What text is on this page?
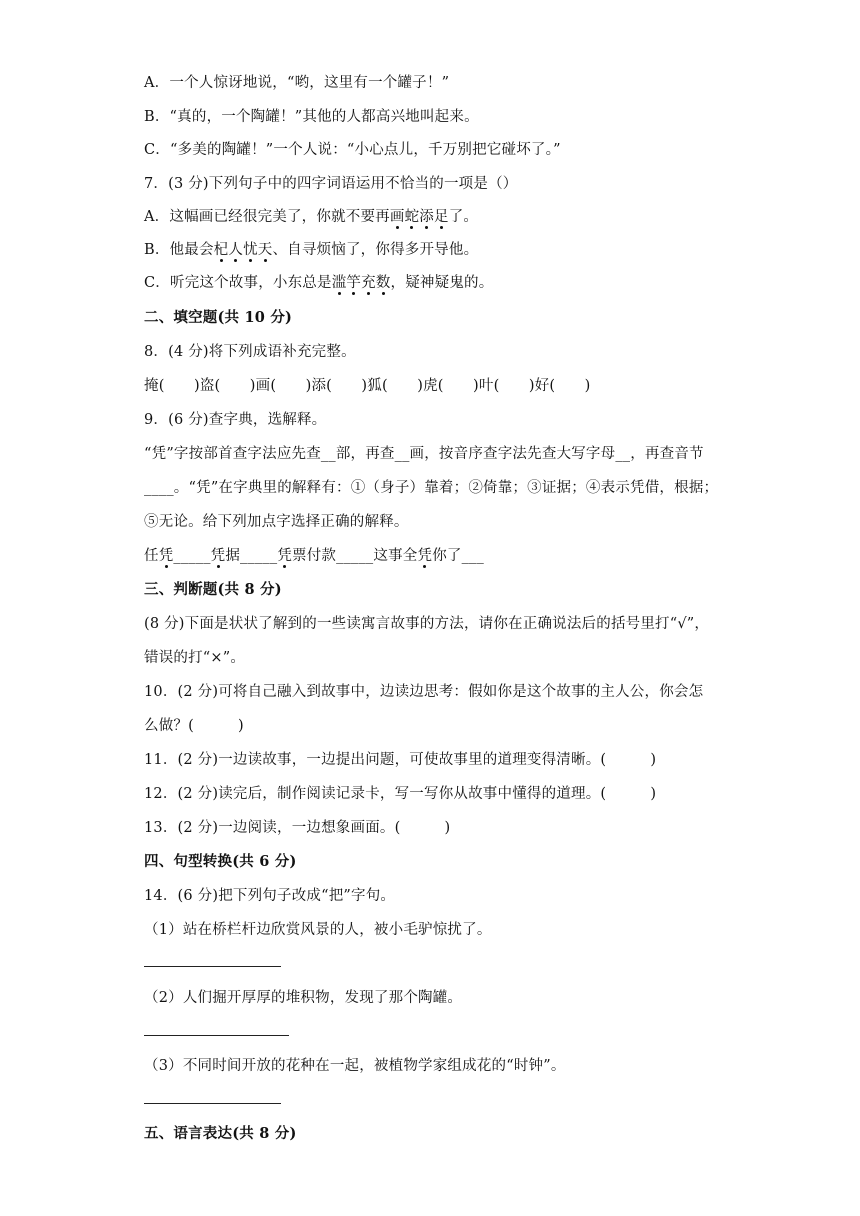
A．一个人惊讶地说，“哟，这里有一个罐子！”
B．“真的，一个陶罐！”其他的人都高兴地叫起来。
C．“多美的陶罐！”一个人说：“小心点儿，千万别把它碰坏了。”
7．(3 分)下列句子中的四字词语运用不恰当的一项是（）
A．这幅画已经很完美了，你就不要再画蛇添足了。
B．他最会杞人忧天、自寻烦恼了，你得多开导他。
C．听完这个故事，小东总是滥竽充数，疑神疑鬼的。
二、填空题(共 10 分)
8．(4 分)将下列成语补充完整。
掩(　　)盗(　　)画(　　)添(　　)狐(　　)虎(　　)叶(　　)好(　　)
9．(6 分)查字典，选解释。
“凭”字按部首查字法应先查__部，再查__画，按音序查字法先查大写字母__，再查音节
____。“凭”在字典里的解释有：①（身子）靠着；②倚靠；③证据；④表示凭借，根据；
⑤无论。给下列加点字选择正确的解释。
任凭_____凭据_____凭票付款_____这事全凭你了___
三、判断题(共 8 分)
(8 分)下面是状状了解到的一些读寓言故事的方法，请你在正确说法后的括号里打“√”，
错误的打“×”。
10．(2 分)可将自己融入到故事中，边读边思考：假如你是这个故事的主人公，你会怎
么做？(　　　)
11．(2 分)一边读故事，一边提出问题，可使故事里的道理变得清晰。(　　　)
12．(2 分)读完后，制作阅读记录卡，写一写你从故事中懂得的道理。(　　　)
13．(2 分)一边阅读，一边想象画面。(　　　)
四、句型转换(共 6 分)
14．(6 分)把下列句子改成“把”字句。
（1）站在桥栏杆边欣赏风景的人，被小毛驴惊扰了。
（2）人们掘开厚厚的堆积物，发现了那个陶罐。
（3）不同时间开放的花种在一起，被植物学家组成花的“时钟”。
五、语言表达(共 8 分)
